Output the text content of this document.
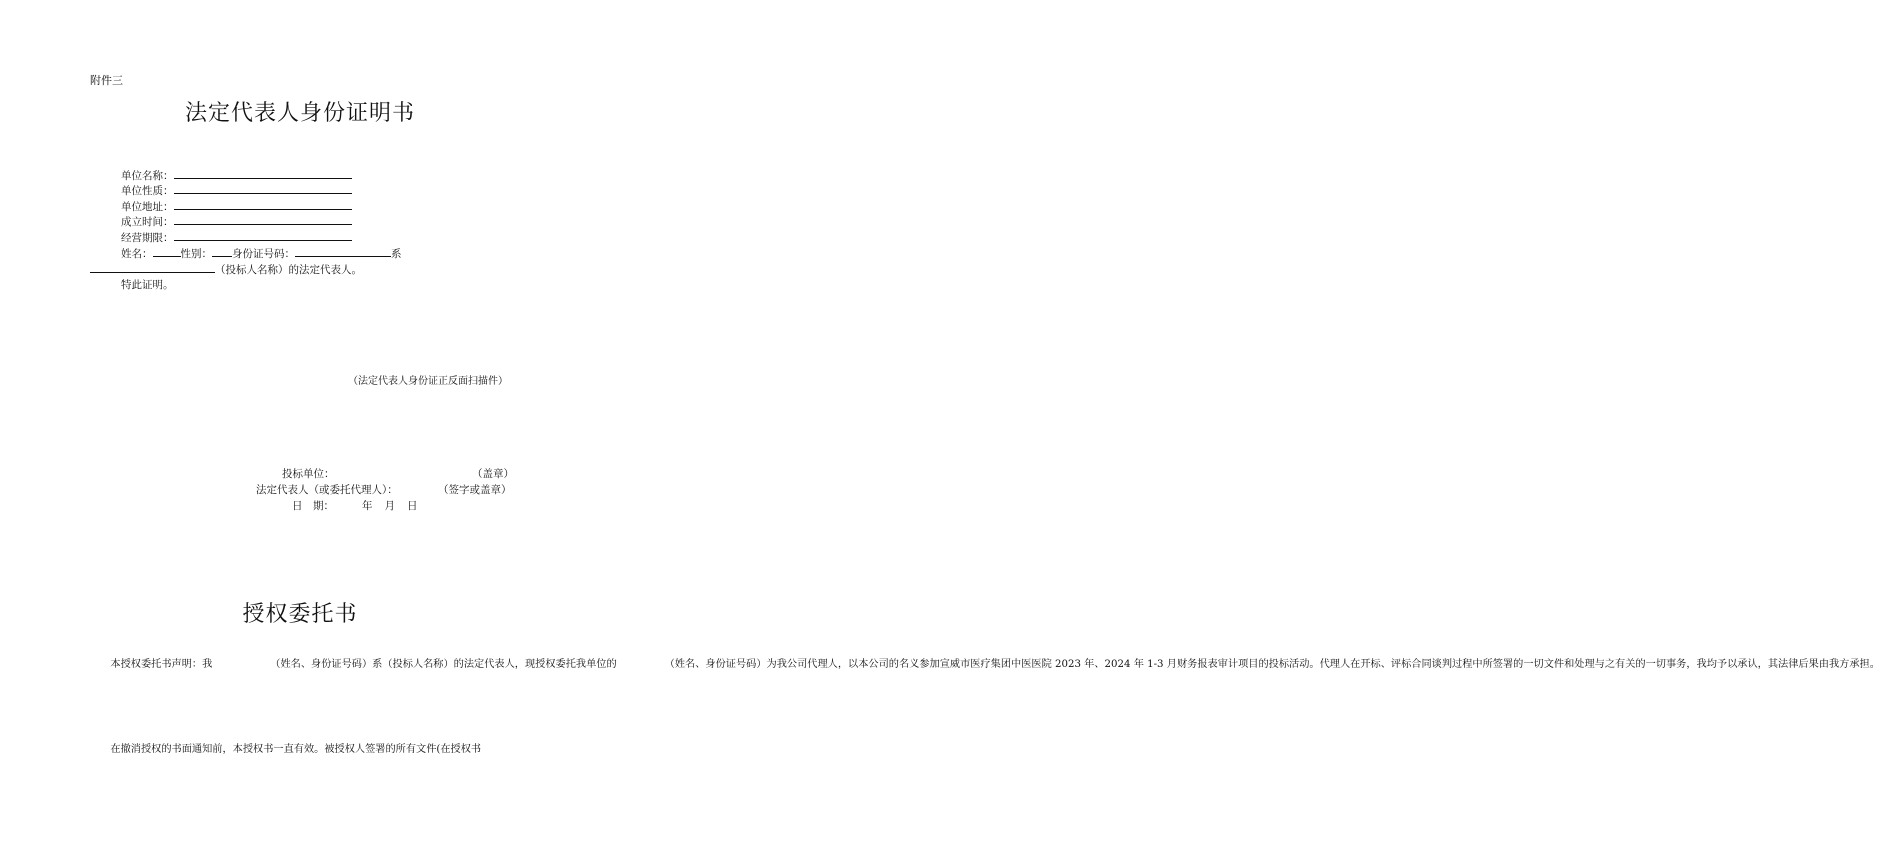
附件三
法定代表人身份证明书
单位名称：
单位性质：
单位地址：
成立时间：
经营期限：
姓名：	性别： 身份证号码：	系
（投标人名称）的法定代表人。
特此证明。
（法定代表人身份证正反面扫描件）
投标单位：	（盖章）
法定代表人（或委托代理人）：	（签字或盖章）
日　期：	年 月 日
授权委托书
本授权委托书声明：我	（姓名、身份证号码）系（投标人名称）的法定代表人，现授权委托我单位的	（姓名、身份证号码）为我公司代理人，以本公司的名义参加宣威市医疗集团中医医院 2023 年、2024 年 1-3 月财务报表审计项目的投标活动。代理人在开标、评标合同谈判过程中所签署的一切文件和处理与之有关的一切事务，我均予以承认，其法律后果由我方承担。
在撤消授权的书面通知前，本授权书一直有效。被授权人签署的所有文件(在授权书
